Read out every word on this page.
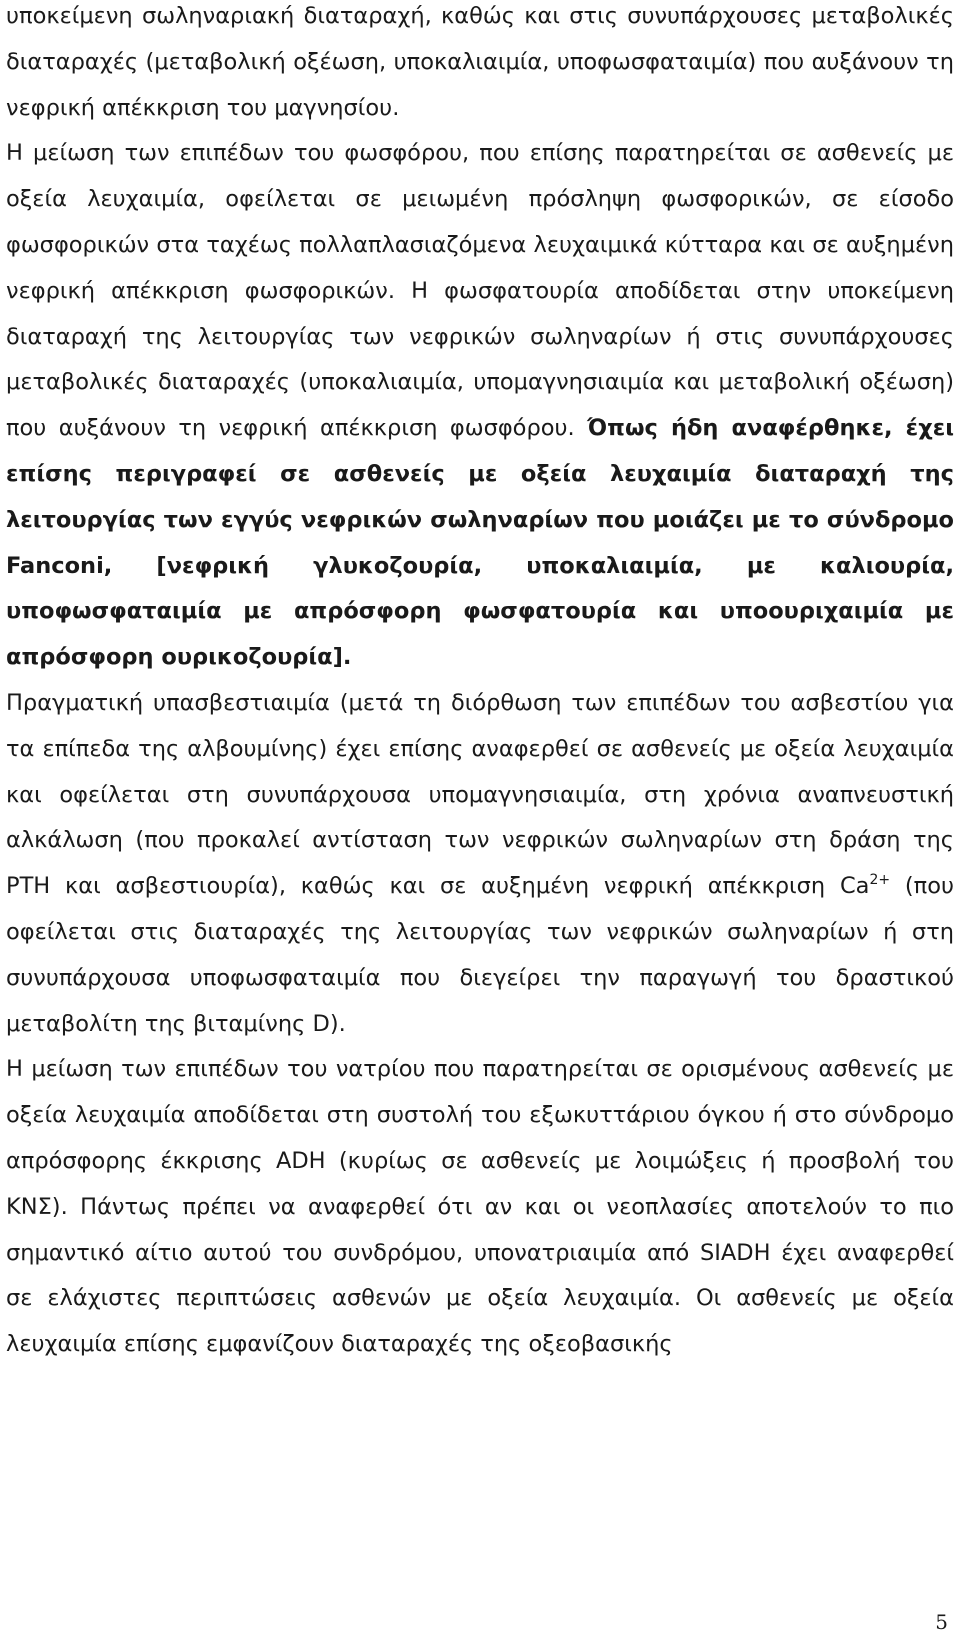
υποκείμενη σωληναριακή διαταραχή, καθώς και στις συνυπάρχουσες μεταβολικές διαταραχές (μεταβολική οξέωση, υποκαλιαιμία, υποφωσφαταιμία) που αυξάνουν τη νεφρική απέκκριση του μαγνησίου.

Η μείωση των επιπέδων του φωσφόρου, που επίσης παρατηρείται σε ασθενείς με οξεία λευχαιμία, οφείλεται σε μειωμένη πρόσληψη φωσφορικών, σε είσοδο φωσφορικών στα ταχέως πολλαπλασιαζόμενα λευχαιμικά κύτταρα και σε αυξημένη νεφρική απέκκριση φωσφορικών. Η φωσφατουρία αποδίδεται στην υποκείμενη διαταραχή της λειτουργίας των νεφρικών σωληναρίων ή στις συνυπάρχουσες μεταβολικές διαταραχές (υποκαλιαιμία, υπομαγνησιαιμία και μεταβολική οξέωση) που αυξάνουν τη νεφρική απέκκριση φωσφόρου. Όπως ήδη αναφέρθηκε, έχει επίσης περιγραφεί σε ασθενείς με οξεία λευχαιμία διαταραχή της λειτουργίας των εγγύς νεφρικών σωληναρίων που μοιάζει με το σύνδρομο Fanconi, [νεφρική γλυκοζουρία, υποκαλιαιμία, με καλιουρία, υποφωσφαταιμία με απρόσφορη φωσφατουρία και υποουριχαιμία με απρόσφορη ουρικοζουρία].

Πραγματική υπασβεστιαιμία (μετά τη διόρθωση των επιπέδων του ασβεστίου για τα επίπεδα της αλβουμίνης) έχει επίσης αναφερθεί σε ασθενείς με οξεία λευχαιμία και οφείλεται στη συνυπάρχουσα υπομαγνησιαιμία, στη χρόνια αναπνευστική αλκάλωση (που προκαλεί αντίσταση των νεφρικών σωληναρίων στη δράση της PTH και ασβεστιουρία), καθώς και σε αυξημένη νεφρική απέκκριση $Ca^{2+}$ (που οφείλεται στις διαταραχές της λειτουργίας των νεφρικών σωληναρίων ή στη συνυπάρχουσα υποφωσφαταιμία που διεγείρει την παραγωγή του δραστικού μεταβολίτη της βιταμίνης D).

Η μείωση των επιπέδων του νατρίου που παρατηρείται σε ορισμένους ασθενείς με οξεία λευχαιμία αποδίδεται στη συστολή του εξωκυττάριου όγκου ή στο σύνδρομο απρόσφορης έκκρισης ADH (κυρίως σε ασθενείς με λοιμώξεις ή προσβολή του ΚΝΣ). Πάντως πρέπει να αναφερθεί ότι αν και οι νεοπλασίες αποτελούν το πιο σημαντικό αίτιο αυτού του συνδρόμου, υπονατριαιμία από SIADH έχει αναφερθεί σε ελάχιστες περιπτώσεις ασθενών με οξεία λευχαιμία. Οι ασθενείς με οξεία λευχαιμία επίσης εμφανίζουν διαταραχές της οξεοβασικής

5
